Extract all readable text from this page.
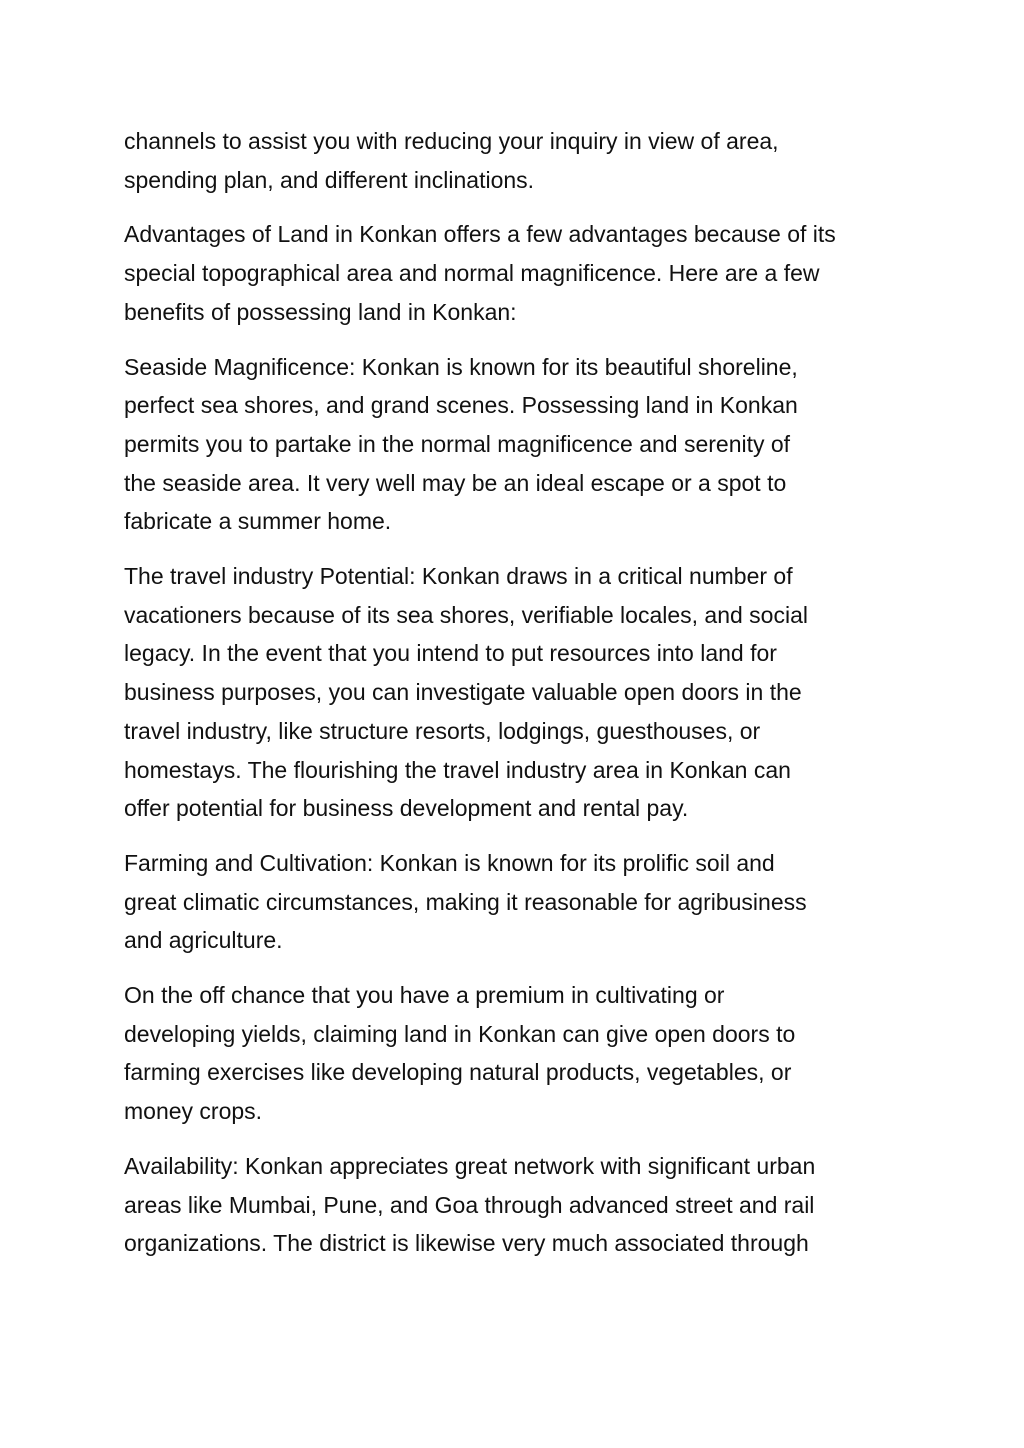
channels to assist you with reducing your inquiry in view of area,
spending plan, and different inclinations.

Advantages of Land in Konkan offers a few advantages because of its
special topographical area and normal magnificence. Here are a few
benefits of possessing land in Konkan:

Seaside Magnificence: Konkan is known for its beautiful shoreline,
perfect sea shores, and grand scenes. Possessing land in Konkan
permits you to partake in the normal magnificence and serenity of
the seaside area. It very well may be an ideal escape or a spot to
fabricate a summer home.

The travel industry Potential: Konkan draws in a critical number of
vacationers because of its sea shores, verifiable locales, and social
legacy. In the event that you intend to put resources into land for
business purposes, you can investigate valuable open doors in the
travel industry, like structure resorts, lodgings, guesthouses, or
homestays. The flourishing the travel industry area in Konkan can
offer potential for business development and rental pay.

Farming and Cultivation: Konkan is known for its prolific soil and
great climatic circumstances, making it reasonable for agribusiness
and agriculture.

On the off chance that you have a premium in cultivating or
developing yields, claiming land in Konkan can give open doors to
farming exercises like developing natural products, vegetables, or
money crops.

Availability: Konkan appreciates great network with significant urban
areas like Mumbai, Pune, and Goa through advanced street and rail
organizations. The district is likewise very much associated through
